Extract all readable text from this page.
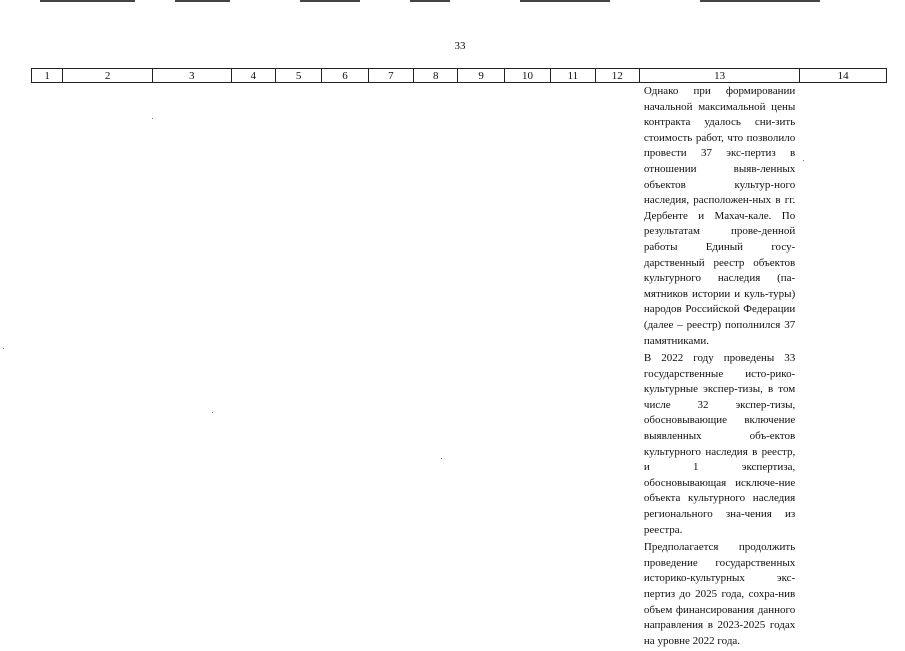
33
1	2	3	4	5	6	7	8	9	10	11	12	13	14

												Однако при формировании начальной максимальной цены контракта удалось сни-зить стоимость работ, что позволило провести 37 экс-пертиз в отношении выяв-ленных объектов культур-ного наследия, расположен-ных в гг. Дербенте и Махач-кале. По результатам прове-денной работы Единый госу-дарственный реестр объектов культурного наследия (па-мятников истории и куль-туры) народов Российской Федерации (далее – реестр) пополнился 37 памятниками.

В 2022 году проведены 33 государственные исто-рико-культурные экспер-тизы, в том числе 32 экспер-тизы, обосновывающие включение выявленных объ-ектов культурного наследия в реестр, и 1 экспертиза, обосновывающая исключе-ние объекта культурного наследия регионального зна-чения из реестра.

Предполагается продолжить проведение государственных историко-культурных экс-пертиз до 2025 года, сохра-нив объем финансирования данного направления в 2023-2025 годах на уровне 2022 года.	
